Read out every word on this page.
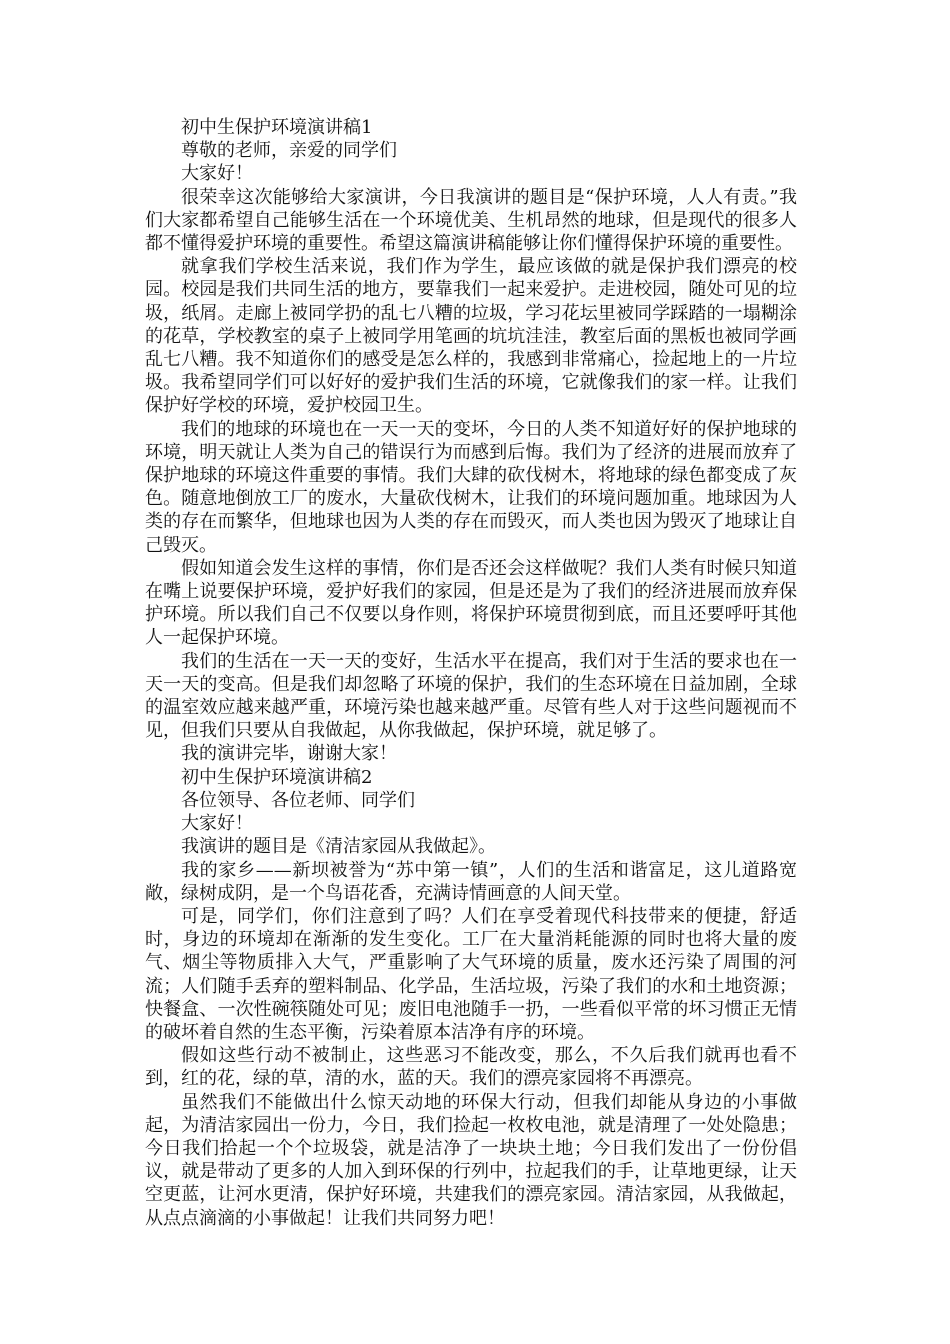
初中生保护环境演讲稿1

尊敬的老师，亲爱的同学们

大家好！

很荣幸这次能够给大家演讲，今日我演讲的题目是“保护环境，人人有责。”我们大家都希望自己能够生活在一个环境优美、生机昂然的地球，但是现代的很多人都不懂得爱护环境的重要性。希望这篇演讲稿能够让你们懂得保护环境的重要性。

就拿我们学校生活来说，我们作为学生，最应该做的就是保护我们漂亮的校园。校园是我们共同生活的地方，要靠我们一起来爱护。走进校园，随处可见的垃圾，纸屑。走廊上被同学扔的乱七八糟的垃圾，学习花坛里被同学踩踏的一塌糊涂的花草，学校教室的桌子上被同学用笔画的坑坑洼洼，教室后面的黑板也被同学画乱七八糟。我不知道你们的感受是怎么样的，我感到非常痛心，捡起地上的一片垃圾。我希望同学们可以好好的爱护我们生活的环境，它就像我们的家一样。让我们保护好学校的环境，爱护校园卫生。

我们的地球的环境也在一天一天的变坏，今日的人类不知道好好的保护地球的环境，明天就让人类为自己的错误行为而感到后悔。我们为了经济的进展而放弃了保护地球的环境这件重要的事情。我们大肆的砍伐树木，将地球的绿色都变成了灰色。随意地倒放工厂的废水，大量砍伐树木，让我们的环境问题加重。地球因为人类的存在而繁华，但地球也因为人类的存在而毁灭，而人类也因为毁灭了地球让自己毁灭。

假如知道会发生这样的事情，你们是否还会这样做呢？我们人类有时候只知道在嘴上说要保护环境，爱护好我们的家园，但是还是为了我们的经济进展而放弃保护环境。所以我们自己不仅要以身作则，将保护环境贯彻到底，而且还要呼吁其他人一起保护环境。

我们的生活在一天一天的变好，生活水平在提高，我们对于生活的要求也在一天一天的变高。但是我们却忽略了环境的保护，我们的生态环境在日益加剧，全球的温室效应越来越严重，环境污染也越来越严重。尽管有些人对于这些问题视而不见，但我们只要从自我做起，从你我做起，保护环境，就足够了。

我的演讲完毕，谢谢大家！

初中生保护环境演讲稿2

各位领导、各位老师、同学们

大家好！

我演讲的题目是《清洁家园从我做起》。

我的家乡——新坝被誉为“苏中第一镇”，人们的生活和谐富足，这儿道路宽敞，绿树成阴，是一个鸟语花香，充满诗情画意的人间天堂。

可是，同学们，你们注意到了吗？人们在享受着现代科技带来的便捷，舒适时，身边的环境却在渐渐的发生变化。工厂在大量消耗能源的同时也将大量的废气、烟尘等物质排入大气，严重影响了大气环境的质量，废水还污染了周围的河流；人们随手丢弃的塑料制品、化学品，生活垃圾，污染了我们的水和土地资源；快餐盒、一次性碗筷随处可见；废旧电池随手一扔，一些看似平常的坏习惯正无情的破坏着自然的生态平衡，污染着原本洁净有序的环境。

假如这些行动不被制止，这些恶习不能改变，那么，不久后我们就再也看不到，红的花，绿的草，清的水，蓝的天。我们的漂亮家园将不再漂亮。

虽然我们不能做出什么惊天动地的环保大行动，但我们却能从身边的小事做起，为清洁家园出一份力，今日，我们捡起一枚枚电池，就是清理了一处处隐患；今日我们拾起一个个垃圾袋，就是洁净了一块块土地；今日我们发出了一份份倡议，就是带动了更多的人加入到环保的行列中，拉起我们的手，让草地更绿，让天空更蓝，让河水更清，保护好环境，共建我们的漂亮家园。清洁家园，从我做起，从点点滴滴的小事做起！让我们共同努力吧！
